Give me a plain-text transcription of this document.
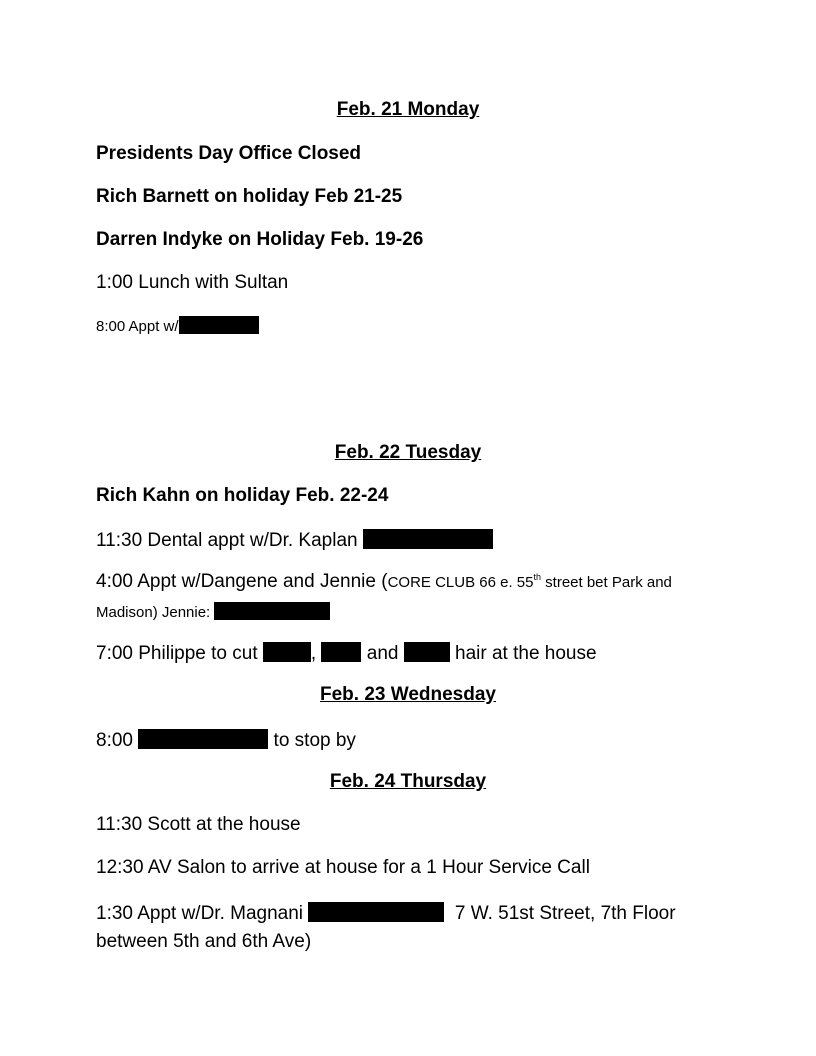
Feb. 21 Monday
Presidents Day Office Closed
Rich Barnett on holiday Feb 21-25
Darren Indyke on Holiday Feb. 19-26
1:00 Lunch with Sultan
8:00 Appt w/
Feb. 22 Tuesday
Rich Kahn on holiday Feb. 22-24
11:30 Dental appt w/Dr. Kaplan
4:00 Appt w/Dangene and Jennie (CORE CLUB 66 e. 55th street bet Park and
Madison) Jennie:
7:00 Philippe to cut	,	and	hair at the house
Feb. 23 Wednesday
8:00	to stop by
Feb. 24 Thursday
11:30 Scott at the house
12:30 AV Salon to arrive at house for a 1 Hour Service Call
1:30 Appt w/Dr. Magnani	7 W. 51st Street, 7th Floor
between 5th and 6th Ave)
